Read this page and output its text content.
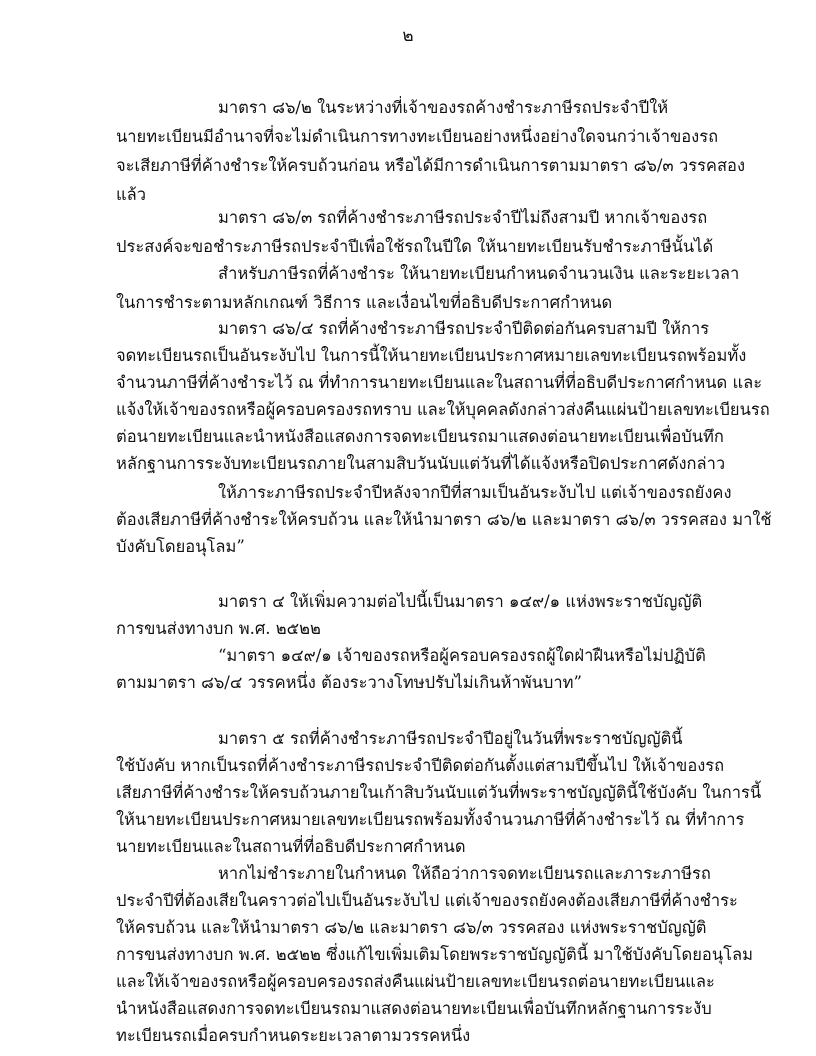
๒
มาตรา ๘๖/๒ ในระหว่างที่เจ้าของรถค้างชำระภาษีรถประจำปีให้
นายทะเบียนมีอำนาจที่จะไม่ดำเนินการทางทะเบียนอย่างหนึ่งอย่างใดจนกว่าเจ้าของรถ
จะเสียภาษีที่ค้างชำระให้ครบถ้วนก่อน หรือได้มีการดำเนินการตามมาตรา ๘๖/๓ วรรคสอง
แล้ว
มาตรา ๘๖/๓ รถที่ค้างชำระภาษีรถประจำปีไม่ถึงสามปี หากเจ้าของรถ
ประสงค์จะขอชำระภาษีรถประจำปีเพื่อใช้รถในปีใด ให้นายทะเบียนรับชำระภาษีนั้นได้
สำหรับภาษีรถที่ค้างชำระ ให้นายทะเบียนกำหนดจำนวนเงิน และระยะเวลา
ในการชำระตามหลักเกณฑ์ วิธีการ และเงื่อนไขที่อธิบดีประกาศกำหนด
มาตรา ๘๖/๔ รถที่ค้างชำระภาษีรถประจำปีติดต่อกันครบสามปี ให้การ
จดทะเบียนรถเป็นอันระงับไป ในการนี้ให้นายทะเบียนประกาศหมายเลขทะเบียนรถพร้อมทั้ง
จำนวนภาษีที่ค้างชำระไว้ ณ ที่ทำการนายทะเบียนและในสถานที่ที่อธิบดีประกาศกำหนด และ
แจ้งให้เจ้าของรถหรือผู้ครอบครองรถทราบ และให้บุคคลดังกล่าวส่งคืนแผ่นป้ายเลขทะเบียนรถ
ต่อนายทะเบียนและนำหนังสือแสดงการจดทะเบียนรถมาแสดงต่อนายทะเบียนเพื่อบันทึก
หลักฐานการระงับทะเบียนรถภายในสามสิบวันนับแต่วันที่ได้แจ้งหรือปิดประกาศดังกล่าว
ให้ภาระภาษีรถประจำปีหลังจากปีที่สามเป็นอันระงับไป แต่เจ้าของรถยังคง
ต้องเสียภาษีที่ค้างชำระให้ครบถ้วน และให้นำมาตรา ๘๖/๒ และมาตรา ๘๖/๓ วรรคสอง มาใช้
บังคับโดยอนุโลม”
มาตรา ๔ ให้เพิ่มความต่อไปนี้เป็นมาตรา ๑๔๙/๑ แห่งพระราชบัญญัติ
การขนส่งทางบก พ.ศ. ๒๕๒๒
“มาตรา ๑๔๙/๑ เจ้าของรถหรือผู้ครอบครองรถผู้ใดฝ่าฝืนหรือไม่ปฏิบัติ
ตามมาตรา ๘๖/๔ วรรคหนึ่ง ต้องระวางโทษปรับไม่เกินห้าพันบาท”
มาตรา ๕ รถที่ค้างชำระภาษีรถประจำปีอยู่ในวันที่พระราชบัญญัตินี้
ใช้บังคับ หากเป็นรถที่ค้างชำระภาษีรถประจำปีติดต่อกันตั้งแต่สามปีขึ้นไป ให้เจ้าของรถ
เสียภาษีที่ค้างชำระให้ครบถ้วนภายในเก้าสิบวันนับแต่วันที่พระราชบัญญัตินี้ใช้บังคับ ในการนี้
ให้นายทะเบียนประกาศหมายเลขทะเบียนรถพร้อมทั้งจำนวนภาษีที่ค้างชำระไว้ ณ ที่ทำการ
นายทะเบียนและในสถานที่ที่อธิบดีประกาศกำหนด
หากไม่ชำระภายในกำหนด ให้ถือว่าการจดทะเบียนรถและภาระภาษีรถ
ประจำปีที่ต้องเสียในคราวต่อไปเป็นอันระงับไป แต่เจ้าของรถยังคงต้องเสียภาษีที่ค้างชำระ
ให้ครบถ้วน และให้นำมาตรา ๘๖/๒ และมาตรา ๘๖/๓ วรรคสอง แห่งพระราชบัญญัติ
การขนส่งทางบก พ.ศ. ๒๕๒๒ ซึ่งแก้ไขเพิ่มเติมโดยพระราชบัญญัตินี้ มาใช้บังคับโดยอนุโลม
และให้เจ้าของรถหรือผู้ครอบครองรถส่งคืนแผ่นป้ายเลขทะเบียนรถต่อนายทะเบียนและ
นำหนังสือแสดงการจดทะเบียนรถมาแสดงต่อนายทะเบียนเพื่อบันทึกหลักฐานการระงับ
ทะเบียนรถเมื่อครบกำหนดระยะเวลาตามวรรคหนึ่ง
